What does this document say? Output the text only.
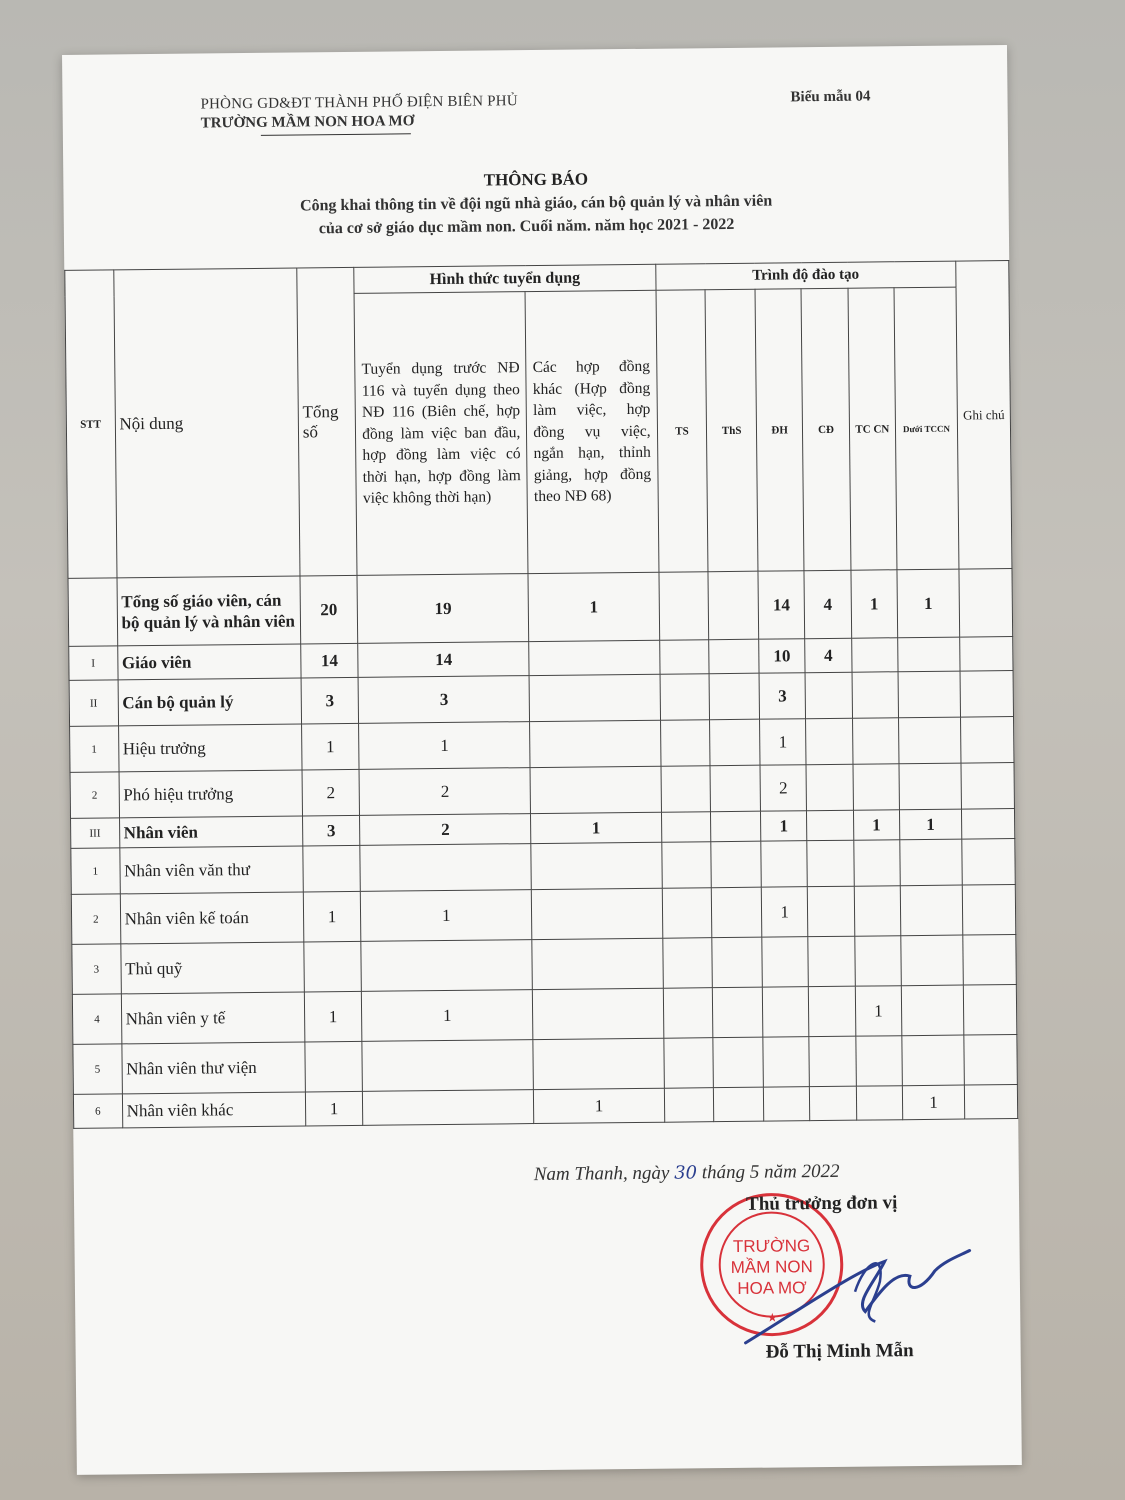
PHÒNG GD&ĐT THÀNH PHỐ ĐIỆN BIÊN PHỦ
TRƯỜNG MẦM NON HOA MƠ
Biểu mẫu 04
THÔNG BÁO
Công khai thông tin về đội ngũ nhà giáo, cán bộ quản lý và nhân viên
của cơ sở giáo dục mầm non. Cuối năm. năm học 2021 - 2022
STT	Nội dung	Tổng số	Hình thức tuyển dụng		Trình độ đào tạo						Ghi chú
			Tuyển dụng trước NĐ 116 và tuyển dụng theo NĐ 116 (Biên chế, hợp đồng làm việc ban đầu, hợp đồng làm việc có thời hạn, hợp đồng làm việc không thời hạn)	Các hợp đồng khác (Hợp đồng làm việc, hợp đồng vụ việc, ngắn hạn, thỉnh giảng, hợp đồng theo NĐ 68)	TS	ThS	ĐH	CĐ	TC CN	Dưới TCCN	
	Tổng số giáo viên, cán bộ quản lý và nhân viên	20	19	1			14	4	1	1	
I	Giáo viên	14	14				10	4			
II	Cán bộ quản lý	3	3				3				
1	Hiệu trưởng	1	1				1				
2	Phó hiệu trưởng	2	2				2				
III	Nhân viên	3	2	1			1		1	1	
1	Nhân viên văn thư										
2	Nhân viên kế toán	1	1				1				
3	Thủ quỹ										
4	Nhân viên y tế	1	1						1		
5	Nhân viên thư viện										
6	Nhân viên khác	1		1						1	
Nam Thanh, ngày 30 tháng 5 năm 2022
TRƯỜNG
MẦM NON
HOA MƠ
★
Thủ trưởng đơn vị
Đỗ Thị Minh Mẫn
